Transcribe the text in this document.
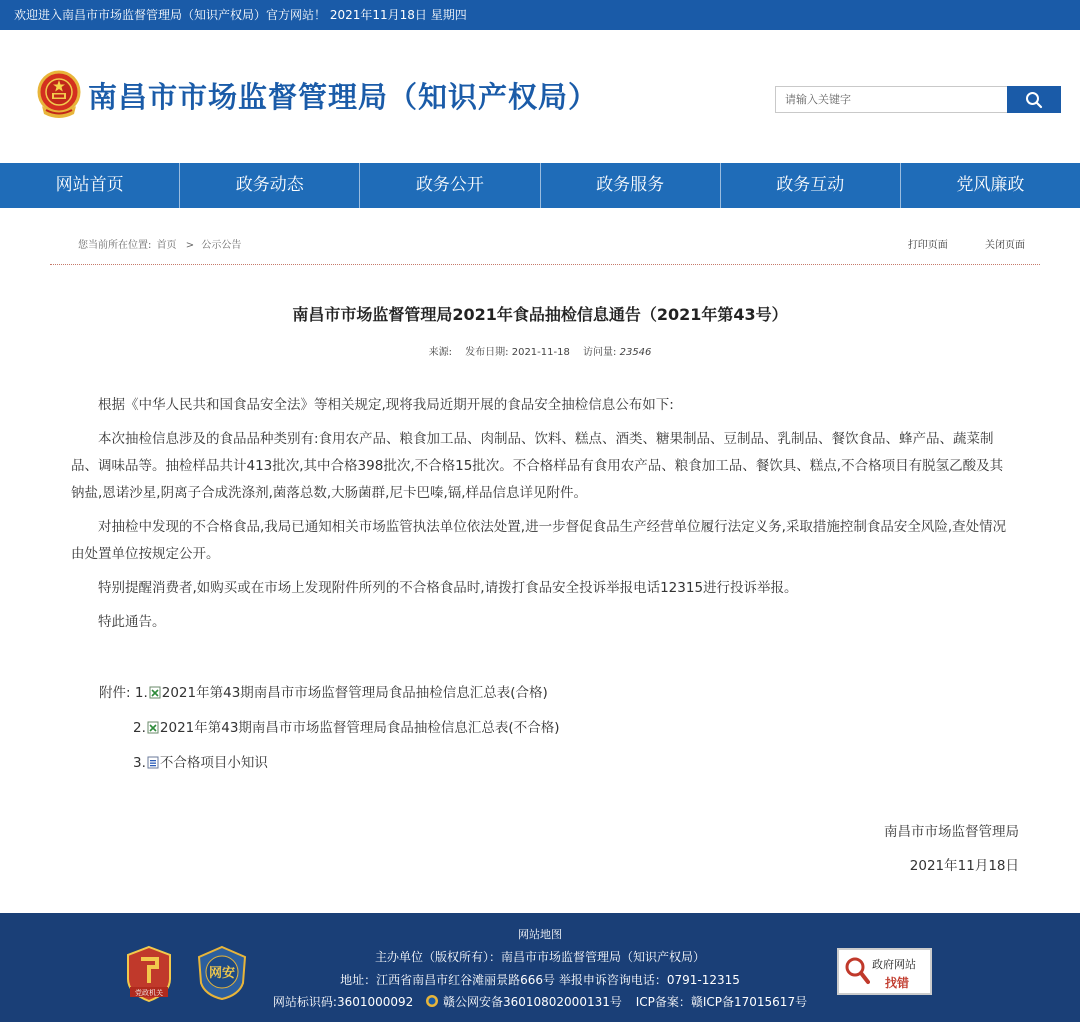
欢迎进入南昌市市场监督管理局（知识产权局）官方网站！ 2021年11月18日 星期四
南昌市市场监督管理局（知识产权局）
请输入关键字
网站首页	政务动态	政务公开	政务服务	政务互动	党风廉政
您当前所在位置: 首页 > 公示公告	打印页面	关闭页面
南昌市市场监督管理局2021年食品抽检信息通告（2021年第43号）
来源: 发布日期: 2021-11-18 访问量: 23546

根据《中华人民共和国食品安全法》等相关规定,现将我局近期开展的食品安全抽检信息公布如下:

本次抽检信息涉及的食品品种类别有:食用农产品、粮食加工品、肉制品、饮料、糕点、酒类、糖果制品、豆制品、乳制品、餐饮食品、蜂产品、蔬菜制品、调味品等。抽检样品共计413批次,其中合格398批次,不合格15批次。不合格样品有食用农产品、粮食加工品、餐饮具、糕点,不合格项目有脱氢乙酸及其钠盐,恩诺沙星,阴离子合成洗涤剂,菌落总数,大肠菌群,尼卡巴嗪,镉,样品信息详见附件。

对抽检中发现的不合格食品,我局已通知相关市场监管执法单位依法处置,进一步督促食品生产经营单位履行法定义务,采取措施控制食品安全风险,查处情况由处置单位按规定公开。

特别提醒消费者,如购买或在市场上发现附件所列的不合格食品时,请拨打食品安全投诉举报电话12315进行投诉举报。

特此通告。

附件: 1. 2021年第43期南昌市市场监督管理局食品抽检信息汇总表(合格)
2. 2021年第43期南昌市市场监督管理局食品抽检信息汇总表(不合格)
3. 不合格项目小知识
南昌市市场监督管理局
2021年11月18日
网站地图
主办单位（版权所有）：南昌市市场监督管理局（知识产权局）
地址：江西省南昌市红谷滩丽景路666号 举报申诉咨询电话：0791-12315
网站标识码:3601000092 赣公网安备36010802000131号 ICP备案：赣ICP备17015617号
党政机关
网安
政府网站
找错
